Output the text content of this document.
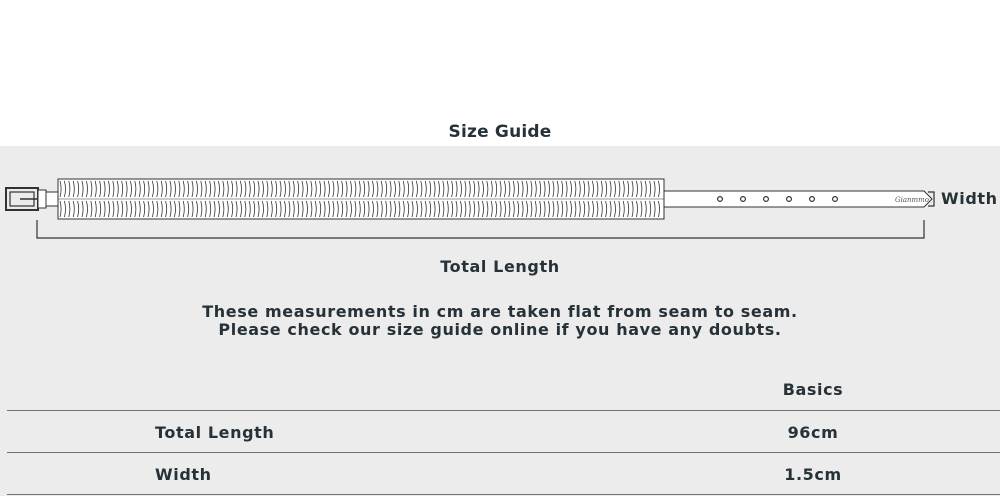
Size Guide
Gianmmo Width
Total Length
These measurements in cm are taken flat from seam to seam.
Please check our size guide online if you have any doubts.
Basics
Total Length	96cm
Width	1.5cm
